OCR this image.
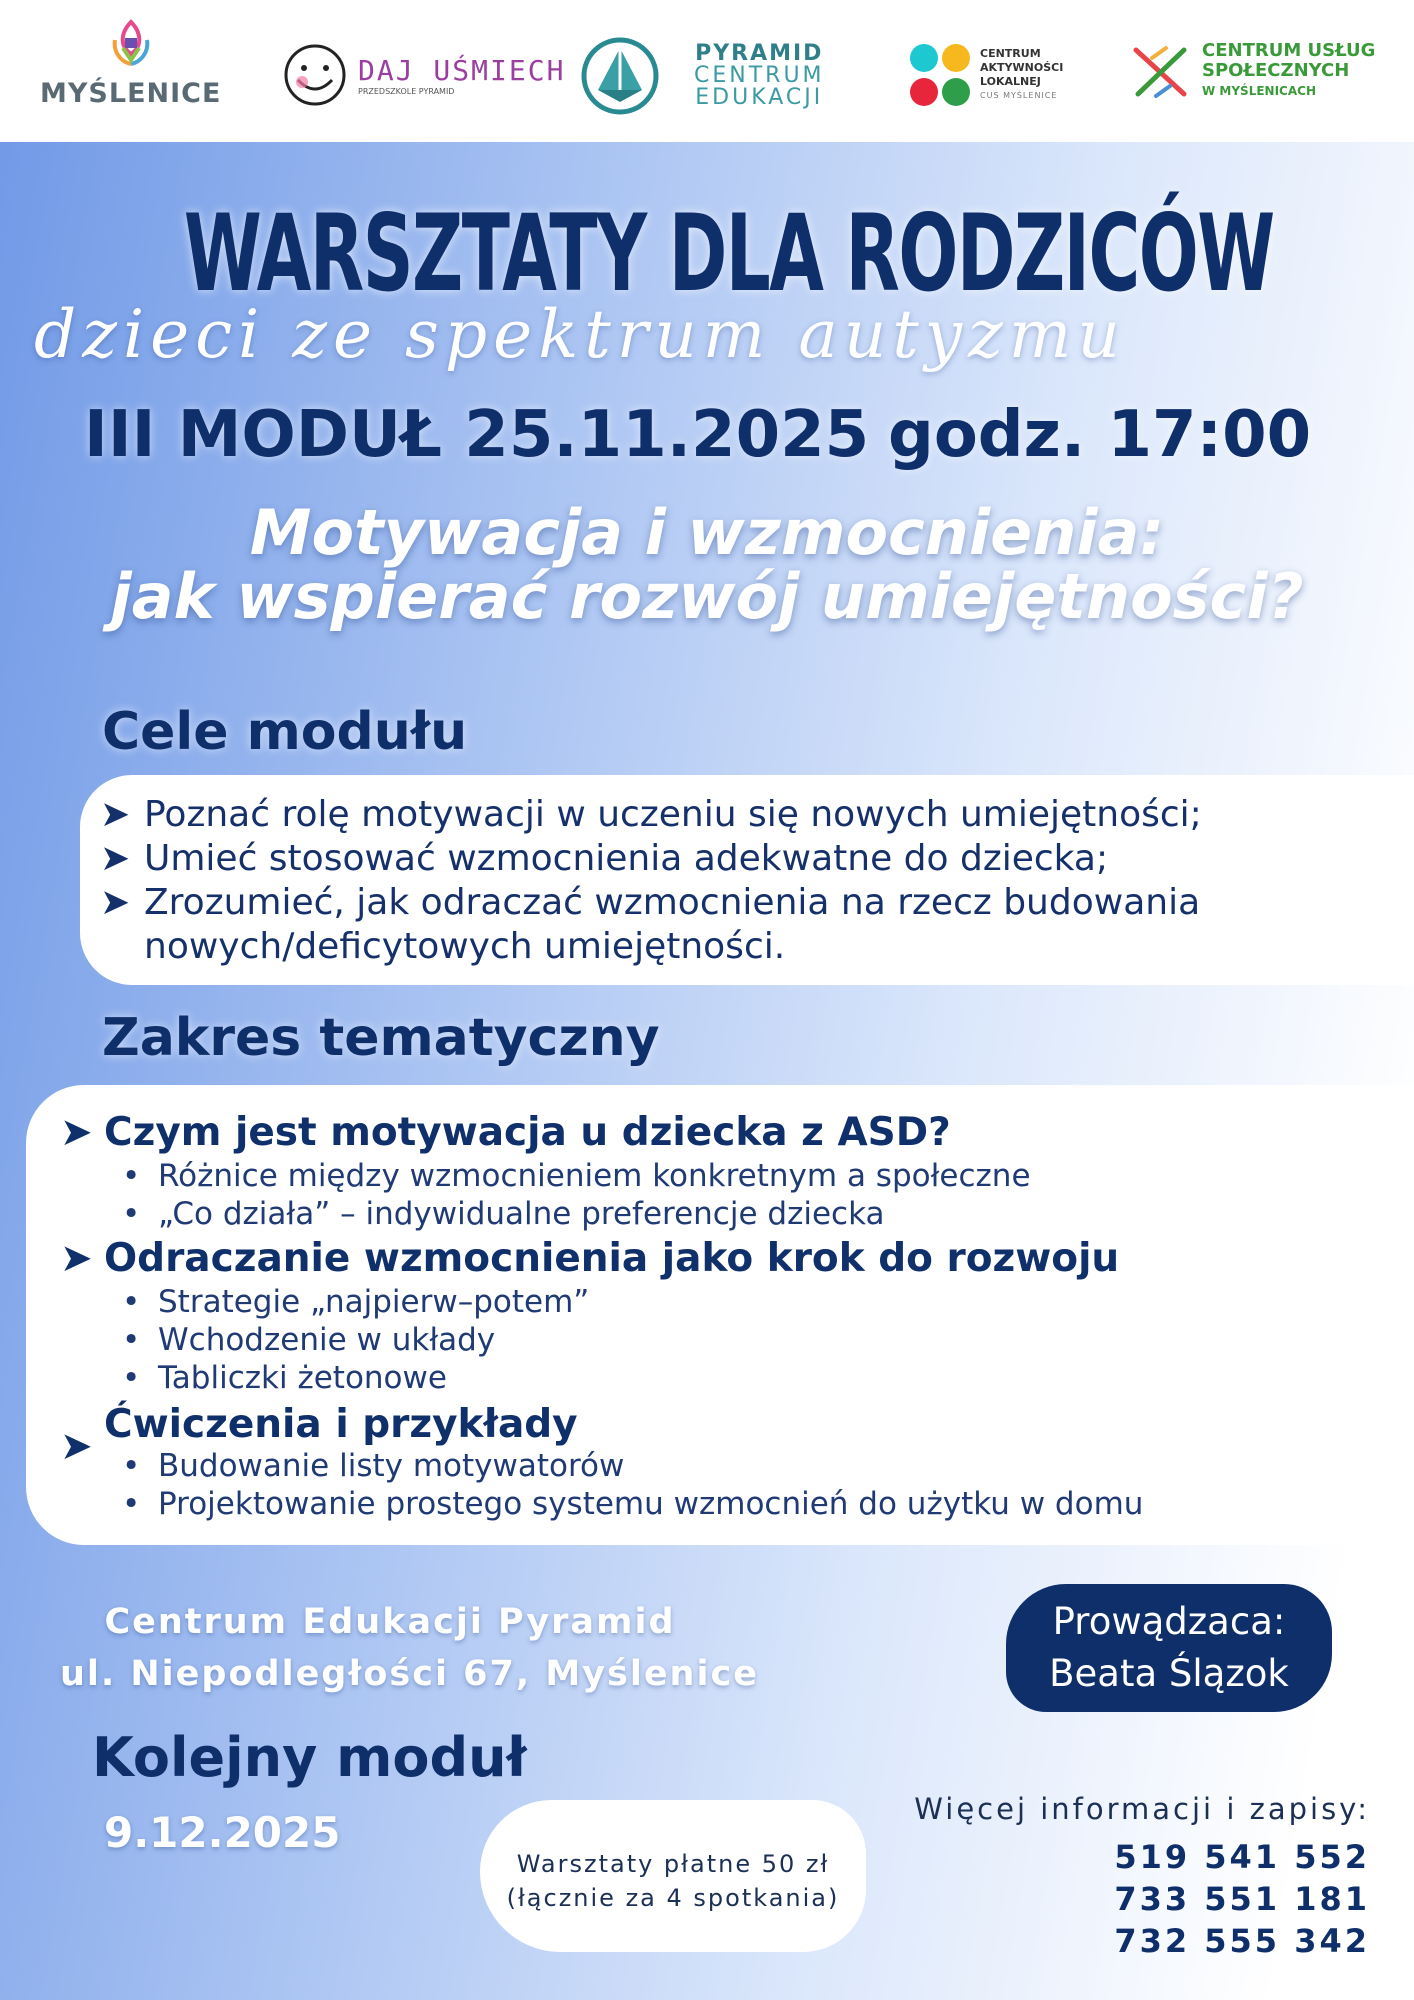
MYŚLENICE
DAJ UŚMIECH
PRZEDSZKOLE PYRAMID
PYRAMID
CENTRUM
EDUKACJI
CENTRUM
AKTYWNOŚCI
LOKALNEJ
CUS MYŚLENICE
CENTRUM USŁUG
SPOŁECZNYCH
W MYŚLENICACH
WARSZTATY DLA RODZICÓW
dzieci ze spektrum autyzmu
III MODUŁ 25.11.2025 godz. 17:00
Motywacja i wzmocnienia:
jak wspierać rozwój umiejętności?
Cele modułu
➤ Poznać rolę motywacji w uczeniu się nowych umiejętności;
➤ Umieć stosować wzmocnienia adekwatne do dziecka;
➤ Zrozumieć, jak odraczać wzmocnienia na rzecz budowania
nowych/deficytowych umiejętności.
Zakres tematyczny
➤ Czym jest motywacja u dziecka z ASD?
• Różnice między wzmocnieniem konkretnym a społeczne
• „Co działa” – indywidualne preferencje dziecka
➤ Odraczanie wzmocnienia jako krok do rozwoju
• Strategie „najpierw–potem”
• Wchodzenie w układy
• Tabliczki żetonowe
➤ Ćwiczenia i przykłady
• Budowanie listy motywatorów
• Projektowanie prostego systemu wzmocnień do użytku w domu
Centrum Edukacji Pyramid
ul. Niepodległości 67, Myślenice
Prowądzaca:
Beata Ślązok
Kolejny moduł
9.12.2025
Warsztaty płatne 50 zł
(łącznie za 4 spotkania)
Więcej informacji i zapisy:
519 541 552
733 551 181
732 555 342
